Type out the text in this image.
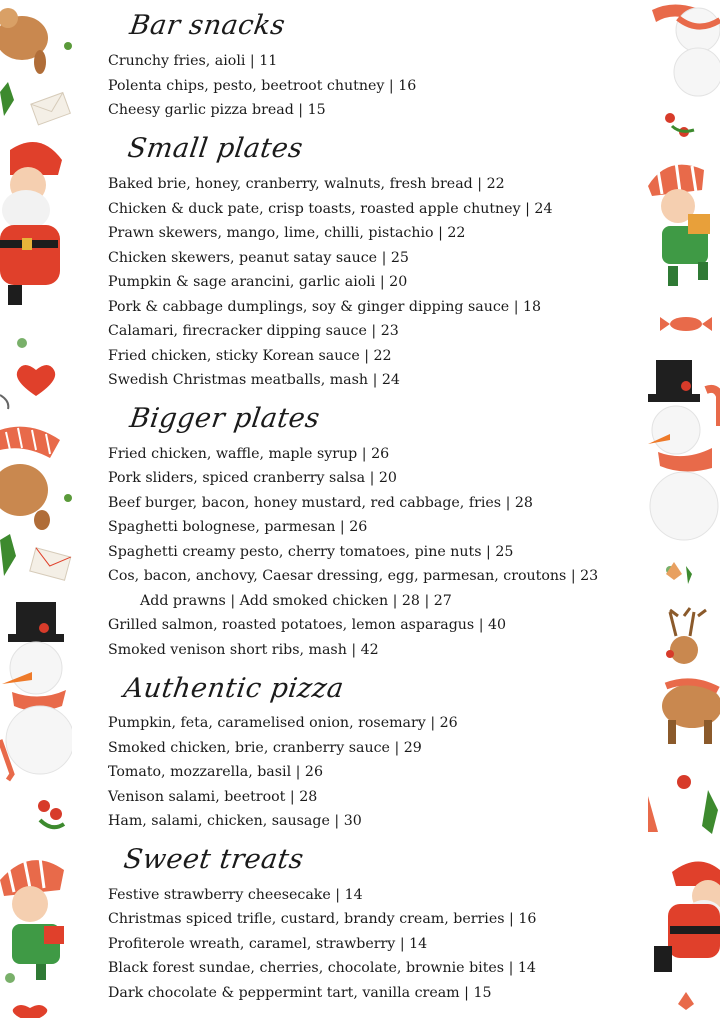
Bar snacks
Crunchy fries, aioli | 11
Polenta chips, pesto, beetroot chutney | 16
Cheesy garlic pizza bread | 15
Small plates
Baked brie, honey, cranberry, walnuts, fresh bread | 22
Chicken & duck pate, crisp toasts, roasted apple chutney | 24
Prawn skewers, mango, lime, chilli, pistachio | 22
Chicken skewers, peanut satay sauce | 25
Pumpkin & sage arancini, garlic aioli | 20
Pork & cabbage dumplings, soy & ginger dipping sauce | 18
Calamari, firecracker dipping sauce | 23
Fried chicken, sticky Korean sauce | 22
Swedish Christmas meatballs, mash | 24
Bigger plates
Fried chicken, waffle, maple syrup | 26
Pork sliders, spiced cranberry salsa | 20
Beef burger, bacon, honey mustard, red cabbage, fries | 28
Spaghetti bolognese, parmesan | 26
Spaghetti creamy pesto, cherry tomatoes, pine nuts | 25
Cos, bacon, anchovy, Caesar dressing, egg, parmesan, croutons | 23
Add prawns | Add smoked chicken | 28 | 27
Grilled salmon, roasted potatoes, lemon asparagus | 40
Smoked venison short ribs, mash | 42
Authentic pizza
Pumpkin, feta, caramelised onion, rosemary | 26
Smoked chicken, brie, cranberry sauce | 29
Tomato, mozzarella, basil | 26
Venison salami, beetroot | 28
Ham, salami, chicken, sausage | 30
Sweet treats
Festive strawberry cheesecake | 14
Christmas spiced trifle, custard, brandy cream, berries | 16
Profiterole wreath, caramel, strawberry | 14
Black forest sundae, cherries, chocolate, brownie bites | 14
Dark chocolate & peppermint tart, vanilla cream | 15
